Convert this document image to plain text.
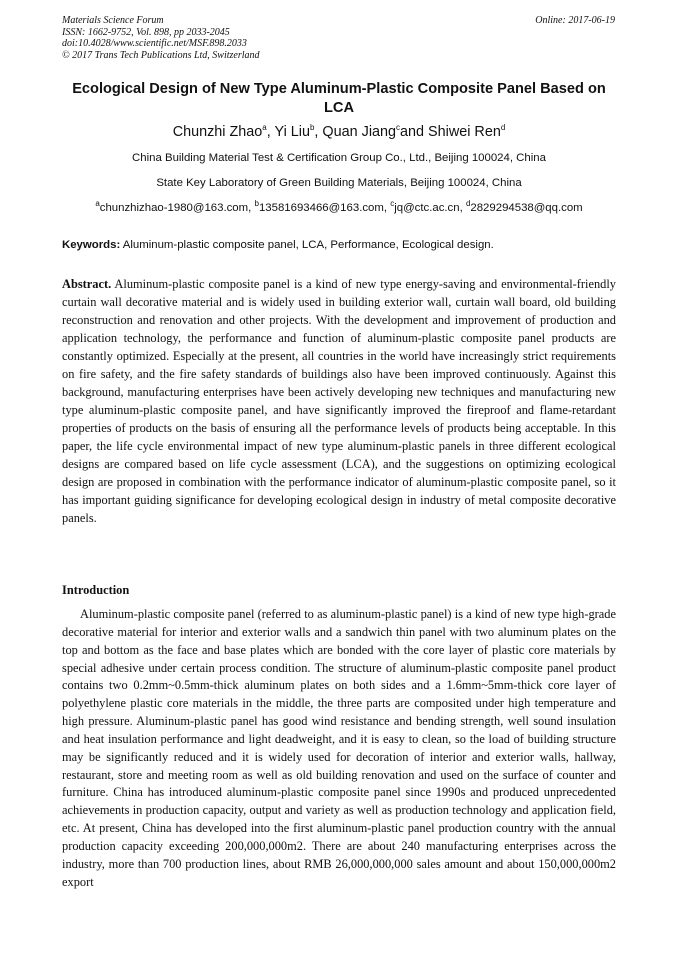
Materials Science Forum
ISSN: 1662-9752, Vol. 898, pp 2033-2045
doi:10.4028/www.scientific.net/MSF.898.2033
© 2017 Trans Tech Publications Ltd, Switzerland
Online: 2017-06-19
Ecological Design of New Type Aluminum-Plastic Composite Panel Based on LCA
Chunzhi Zhao$^a$, Yi Liu$^b$, Quan Jiang$^c$and Shiwei Ren$^d$
China Building Material Test & Certification Group Co., Ltd., Beijing 100024, China
State Key Laboratory of Green Building Materials, Beijing 100024, China
$^a$chunzhizhao-1980@163.com, $^b$13581693466@163.com, $^c$jq@ctc.ac.cn, $^d$2829294538@qq.com
Keywords: Aluminum-plastic composite panel, LCA, Performance, Ecological design.

Abstract. Aluminum-plastic composite panel is a kind of new type energy-saving and environmental-friendly curtain wall decorative material and is widely used in building exterior wall, curtain wall board, old building reconstruction and renovation and other projects. With the development and improvement of production and application technology, the performance and function of aluminum-plastic composite panel products are constantly optimized. Especially at the present, all countries in the world have increasingly strict requirements on fire safety, and the fire safety standards of buildings also have been improved continuously. Against this background, manufacturing enterprises have been actively developing new techniques and manufacturing new type aluminum-plastic composite panel, and have significantly improved the fireproof and flame-retardant properties of products on the basis of ensuring all the performance levels of products being acceptable. In this paper, the life cycle environmental impact of new type aluminum-plastic panels in three different ecological designs are compared based on life cycle assessment (LCA), and the suggestions on optimizing ecological design are proposed in combination with the performance indicator of aluminum-plastic composite panel, so it has important guiding significance for developing ecological design in industry of metal composite decorative panels.

Introduction

Aluminum-plastic composite panel (referred to as aluminum-plastic panel) is a kind of new type high-grade decorative material for interior and exterior walls and a sandwich thin panel with two aluminum plates on the top and bottom as the face and base plates which are bonded with the core layer of plastic core materials by special adhesive under certain process condition. The structure of aluminum-plastic composite panel product contains two 0.2mm~0.5mm-thick aluminum plates on both sides and a 1.6mm~5mm-thick core layer of polyethylene plastic core materials in the middle, the three parts are composited under high temperature and high pressure. Aluminum-plastic panel has good wind resistance and bending strength, well sound insulation and heat insulation performance and light deadweight, and it is easy to clean, so the load of building structure may be significantly reduced and it is widely used for decoration of interior and exterior walls, hallway, restaurant, store and meeting room as well as old building renovation and used on the surface of counter and furniture. China has introduced aluminum-plastic composite panel since 1990s and produced unprecedented achievements in production capacity, output and variety as well as production technology and application field, etc. At present, China has developed into the first aluminum-plastic panel production country with the annual production capacity exceeding 200,000,000m2. There are about 240 manufacturing enterprises across the industry, more than 700 production lines, about RMB 26,000,000,000 sales amount and about 150,000,000m2 export
